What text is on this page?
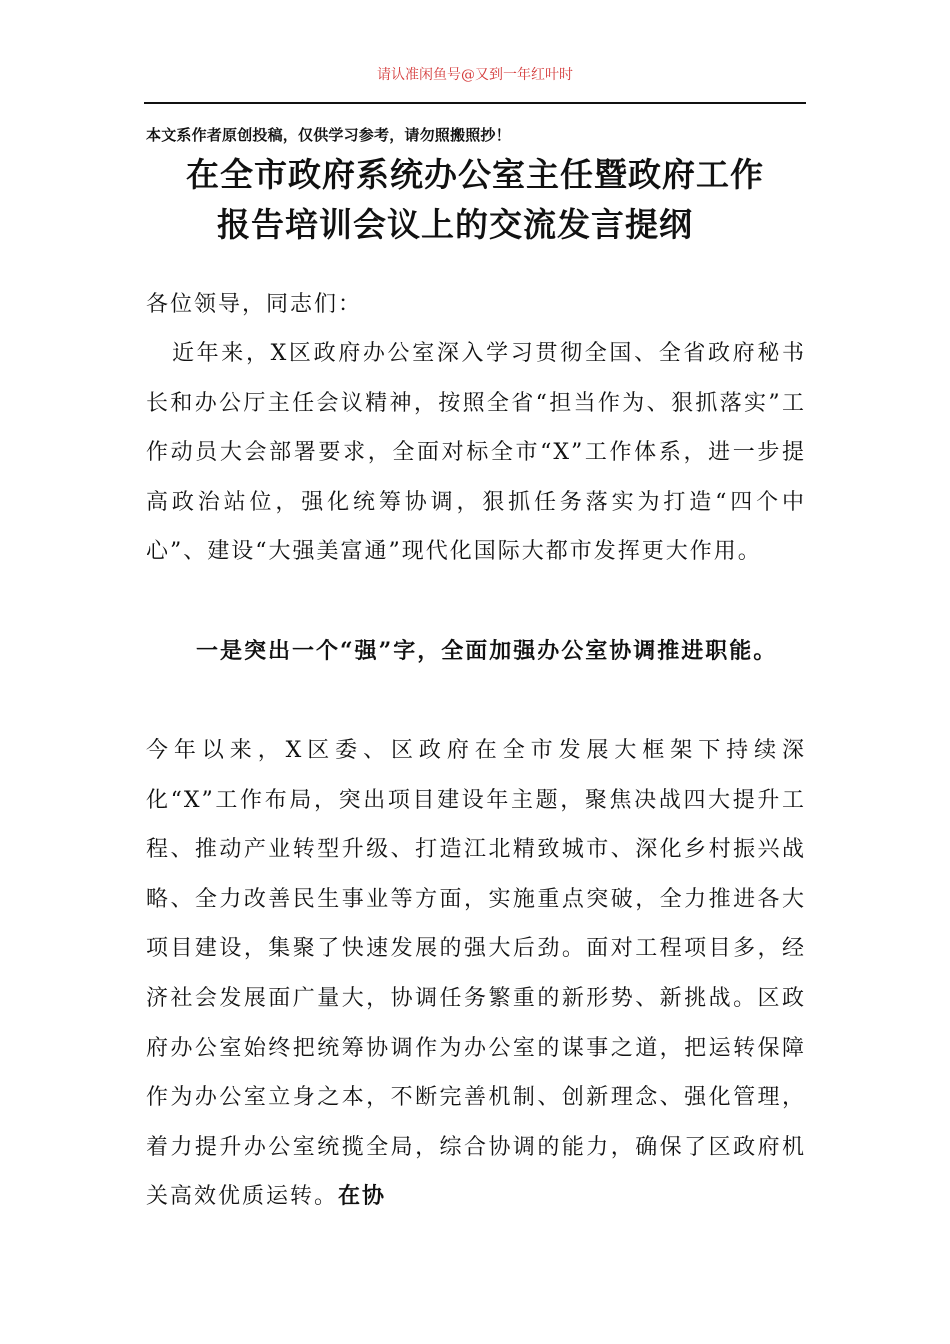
请认准闲鱼号@又到一年红叶时
本文系作者原创投稿，仅供学习参考，请勿照搬照抄！
在全市政府系统办公室主任暨政府工作
报告培训会议上的交流发言提纲
各位领导，同志们：
近年来，X区政府办公室深入学习贯彻全国、全省政府秘书长和办公厅主任会议精神，按照全省“担当作为、狠抓落实”工作动员大会部署要求，全面对标全市“X”工作体系，进一步提高政治站位，强化统筹协调，狠抓任务落实为打造“四个中心”、建设“大强美富通”现代化国际大都市发挥更大作用。
一是突出一个“强”字，全面加强办公室协调推进职能。
今年以来，X区委、区政府在全市发展大框架下持续深化“X”工作布局，突出项目建设年主题，聚焦决战四大提升工程、推动产业转型升级、打造江北精致城市、深化乡村振兴战略、全力改善民生事业等方面，实施重点突破，全力推进各大项目建设，集聚了快速发展的强大后劲。面对工程项目多，经济社会发展面广量大，协调任务繁重的新形势、新挑战。区政府办公室始终把统筹协调作为办公室的谋事之道，把运转保障作为办公室立身之本，不断完善机制、创新理念、强化管理，着力提升办公室统揽全局，综合协调的能力，确保了区政府机关高效优质运转。在协
